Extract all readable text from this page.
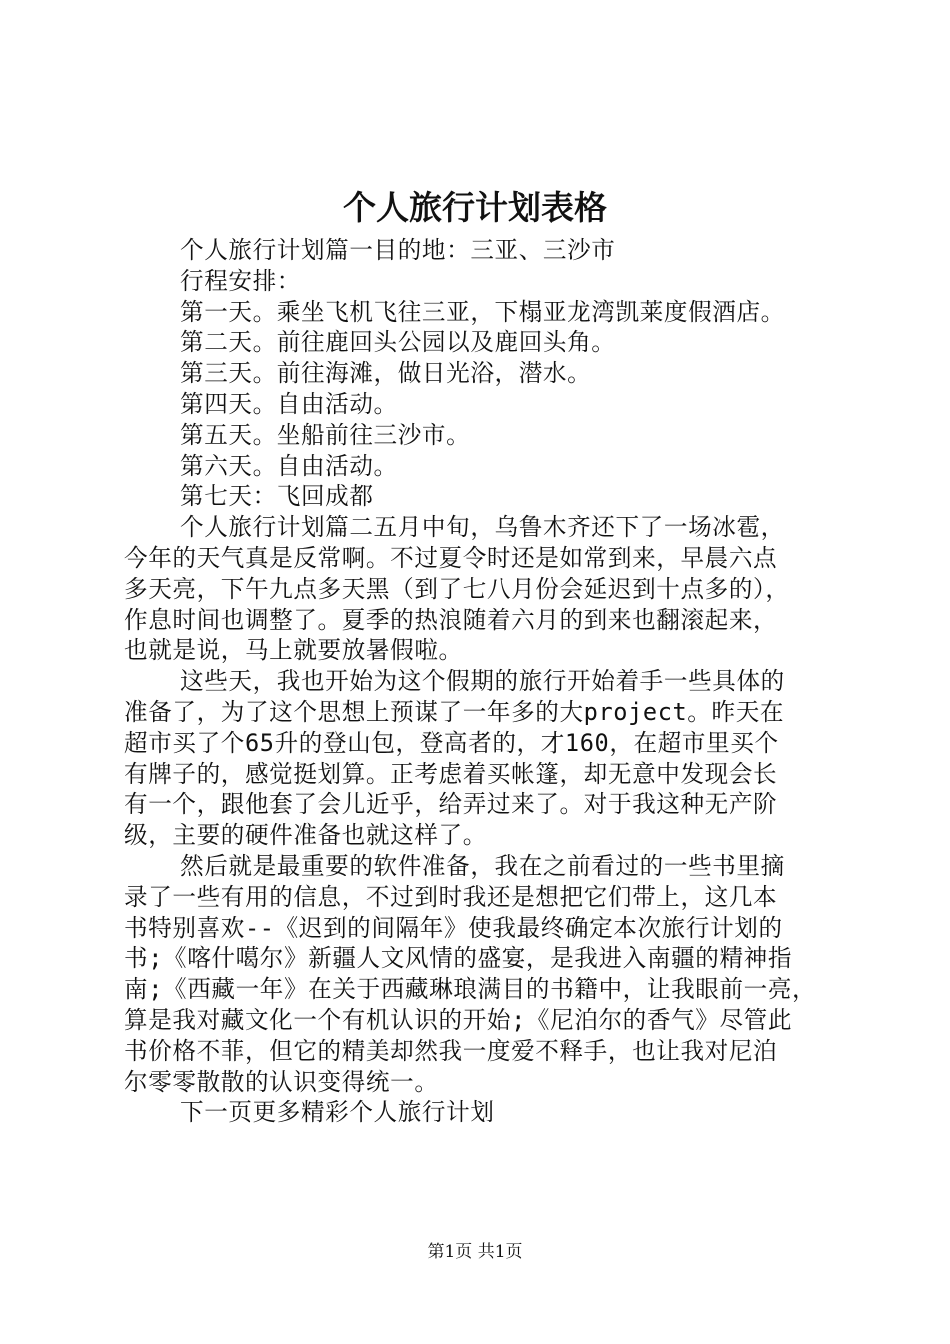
个人旅行计划表格
个人旅行计划篇一目的地：三亚、三沙市
行程安排：
第一天。乘坐飞机飞往三亚，下榻亚龙湾凯莱度假酒店。
第二天。前往鹿回头公园以及鹿回头角。
第三天。前往海滩，做日光浴，潜水。
第四天。自由活动。
第五天。坐船前往三沙市。
第六天。自由活动。
第七天：飞回成都
个人旅行计划篇二五月中旬，乌鲁木齐还下了一场冰雹，
今年的天气真是反常啊。不过夏令时还是如常到来，早晨六点
多天亮，下午九点多天黑（到了七八月份会延迟到十点多的），
作息时间也调整了。夏季的热浪随着六月的到来也翻滚起来，
也就是说，马上就要放暑假啦。
这些天，我也开始为这个假期的旅行开始着手一些具体的
准备了，为了这个思想上预谋了一年多的大project。昨天在
超市买了个65升的登山包，登高者的，才160，在超市里买个
有牌子的，感觉挺划算。正考虑着买帐篷，却无意中发现会长
有一个，跟他套了会儿近乎，给弄过来了。对于我这种无产阶
级，主要的硬件准备也就这样了。
然后就是最重要的软件准备，我在之前看过的一些书里摘
录了一些有用的信息，不过到时我还是想把它们带上，这几本
书特别喜欢--《迟到的间隔年》使我最终确定本次旅行计划的
书;《喀什噶尔》新疆人文风情的盛宴，是我进入南疆的精神指
南;《西藏一年》在关于西藏琳琅满目的书籍中，让我眼前一亮，
算是我对藏文化一个有机认识的开始;《尼泊尔的香气》尽管此
书价格不菲，但它的精美却然我一度爱不释手，也让我对尼泊
尔零零散散的认识变得统一。
下一页更多精彩个人旅行计划
第1页 共1页
